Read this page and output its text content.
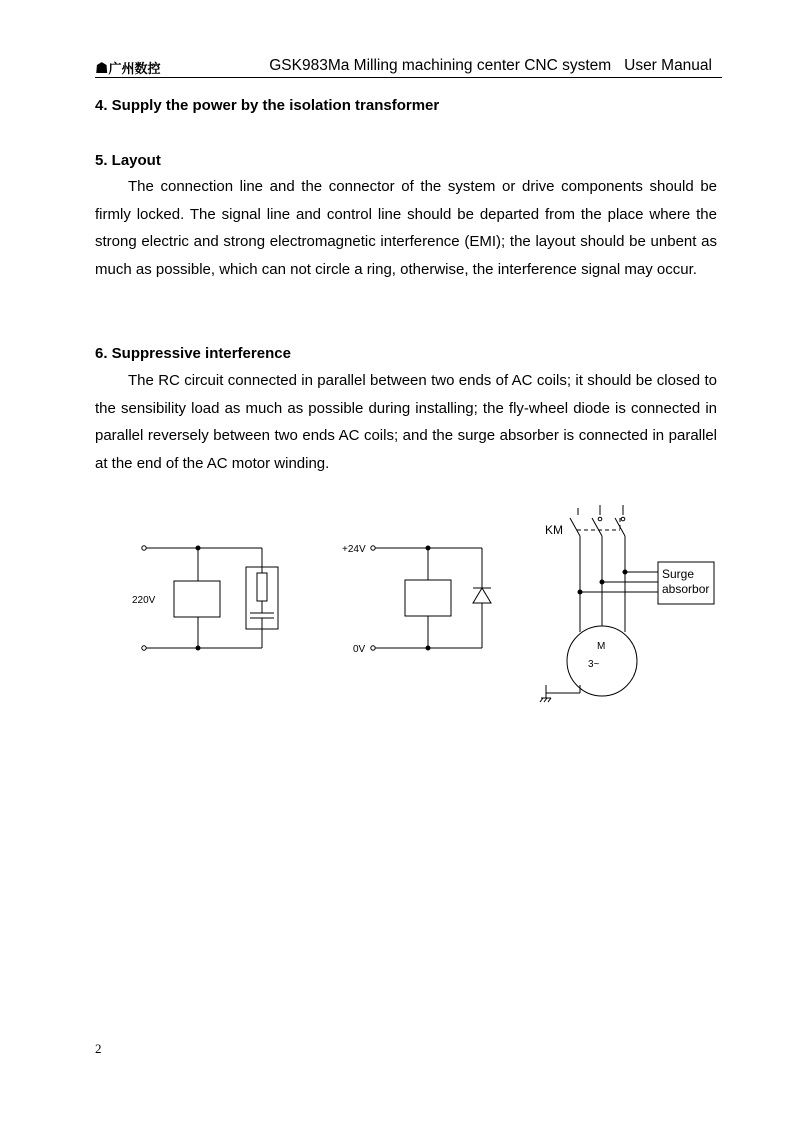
☗广州数控	GSK983Ma Milling machining center CNC system   User Manual
4. Supply the power by the isolation transformer
5. Layout

The connection line and the connector of the system or drive components should be firmly locked. The signal line and control line should be departed from the place where the strong electric and strong electromagnetic interference (EMI); the layout should be unbent as much as possible, which can not circle a ring, otherwise, the interference signal may occur.

6. Suppressive interference

The RC circuit connected in parallel between two ends of AC coils; it should be closed to the sensibility load as much as possible during installing; the fly-wheel diode is connected in parallel reversely between two ends AC coils; and the surge absorber is connected in parallel at the end of the AC motor winding.

220V
+24V
0V
KM
Surge
absorbor
M
3~
2
